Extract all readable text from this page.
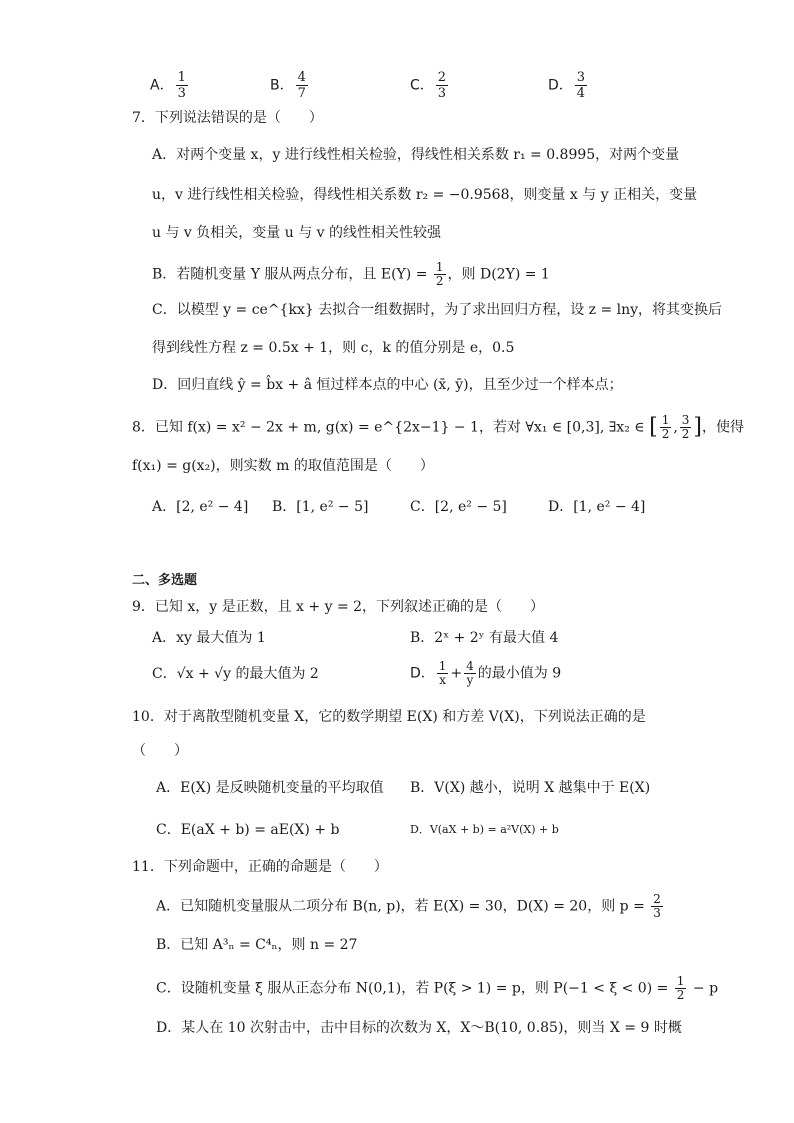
A． $\frac{1}{3}$	B． $\frac{4}{7}$	C． $\frac{2}{3}$	D． $\frac{3}{4}$
7．下列说法错误的是（　　）
A．对两个变量 x，y 进行线性相关检验，得线性相关系数 r₁ = 0.8995，对两个变量
u，v 进行线性相关检验，得线性相关系数 r₂ = −0.9568，则变量 x 与 y 正相关，变量
u 与 v 负相关，变量 u 与 v 的线性相关性较强
B．若随机变量 Y 服从两点分布，且 $E(Y) = \frac{1}{2}$ ，则 D(2Y) = 1
C．以模型 y = ce^{kx} 去拟合一组数据时，为了求出回归方程，设 z = lny，将其变换后
得到线性方程 z = 0.5x + 1，则 c，k 的值分别是 e，0.5
D．回归直线 ŷ = b̂x + â 恒过样本点的中心 (x̄, ȳ)，且至少过一个样本点；
8．已知 f(x) = x² − 2x + m, g(x) = e^{2x−1} − 1，若对 ∀x₁ ∈ [0,3], ∃x₂ ∈ [ $\frac{1}{2}$ , $\frac{3}{2}$ ]，使得
f(x₁) = g(x₂)，则实数 m 的取值范围是（　　）
A．[2, e² − 4] B．[1, e² − 5]	C．[2, e² − 5]	D．[1, e² − 4]
二、多选题
9．已知 x，y 是正数，且 x + y = 2，下列叙述正确的是（　　）
A．xy 最大值为 1	B．2ˣ + 2ʸ 有最大值 4
C．√x + √y 的最大值为 2	D． $\frac{1}{x} + \frac{4}{y}$ 的最小值为 9
10．对于离散型随机变量 X，它的数学期望 E(X) 和方差 V(X)，下列说法正确的是
（　　）
A．E(X) 是反映随机变量的平均取值 B．V(X) 越小，说明 X 越集中于 E(X)
C．E(aX + b) = aE(X) + b	D．V(aX + b) = a²V(X) + b
11．下列命题中，正确的命题是（　　）
A．已知随机变量服从二项分布 B(n, p)，若 E(X) = 30，D(X) = 20，则 $p = \frac{2}{3}$
B．已知 A³ₙ = C⁴ₙ，则 n = 27
C．设随机变量 ξ 服从正态分布 N(0,1)，若 P(ξ > 1) = p，则 $P(-1 < \xi < 0) = \frac{1}{2} - p$
D．某人在 10 次射击中，击中目标的次数为 X，X～B(10, 0.85)，则当 X = 9 时概
